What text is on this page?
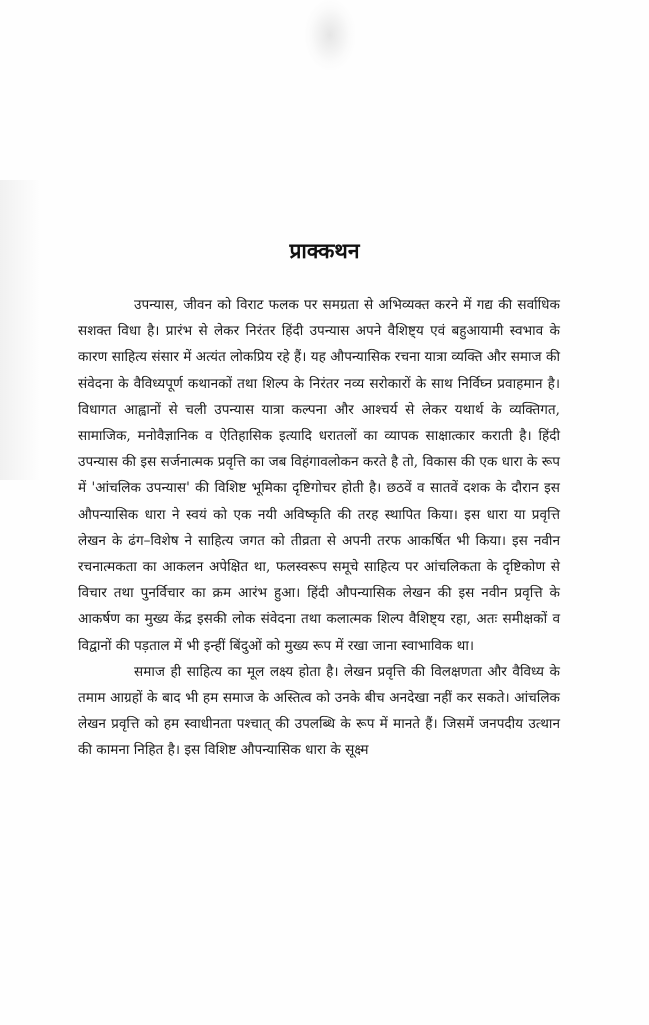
प्राक्कथन

उपन्यास, जीवन को विराट फलक पर समग्रता से अभिव्यक्त करने में गद्य की सर्वाधिक सशक्त विधा है। प्रारंभ से लेकर निरंतर हिंदी उपन्यास अपने वैशिष्ट्य एवं बहुआयामी स्वभाव के कारण साहित्य संसार में अत्यंत लोकप्रिय रहे हैं। यह औपन्यासिक रचना यात्रा व्यक्ति और समाज की संवेदना के वैविध्यपूर्ण कथानकों तथा शिल्प के निरंतर नव्य सरोकारों के साथ निर्विघ्न प्रवाहमान है। विधागत आह्वानों से चली उपन्यास यात्रा कल्पना और आश्चर्य से लेकर यथार्थ के व्यक्तिगत, सामाजिक, मनोवैज्ञानिक व ऐतिहासिक इत्यादि धरातलों का व्यापक साक्षात्कार कराती है। हिंदी उपन्यास की इस सर्जनात्मक प्रवृत्ति का जब विहंगावलोकन करते है तो, विकास की एक धारा के रूप में 'आंचलिक उपन्यास' की विशिष्ट भूमिका दृष्टिगोचर होती है। छठवें व सातवें दशक के दौरान इस औपन्यासिक धारा ने स्वयं को एक नयी अविष्कृति की तरह स्थापित किया। इस धारा या प्रवृत्ति लेखन के ढंग–विशेष ने साहित्य जगत को तीव्रता से अपनी तरफ आकर्षित भी किया। इस नवीन रचनात्मकता का आकलन अपेक्षित था, फलस्वरूप समूचे साहित्य पर आंचलिकता के दृष्टिकोण से विचार तथा पुनर्विचार का क्रम आरंभ हुआ। हिंदी औपन्यासिक लेखन की इस नवीन प्रवृत्ति के आकर्षण का मुख्य केंद्र इसकी लोक संवेदना तथा कलात्मक शिल्प वैशिष्ट्य रहा, अतः समीक्षकों व विद्वानों की पड़ताल में भी इन्हीं बिंदुओं को मुख्य रूप में रखा जाना स्वाभाविक था।

समाज ही साहित्य का मूल लक्ष्य होता है। लेखन प्रवृत्ति की विलक्षणता और वैविध्य के तमाम आग्रहों के बाद भी हम समाज के अस्तित्व को उनके बीच अनदेखा नहीं कर सकते। आंचलिक लेखन प्रवृत्ति को हम स्वाधीनता पश्चात् की उपलब्धि के रूप में मानते हैं। जिसमें जनपदीय उत्थान की कामना निहित है। इस विशिष्ट औपन्यासिक धारा के सूक्ष्म
